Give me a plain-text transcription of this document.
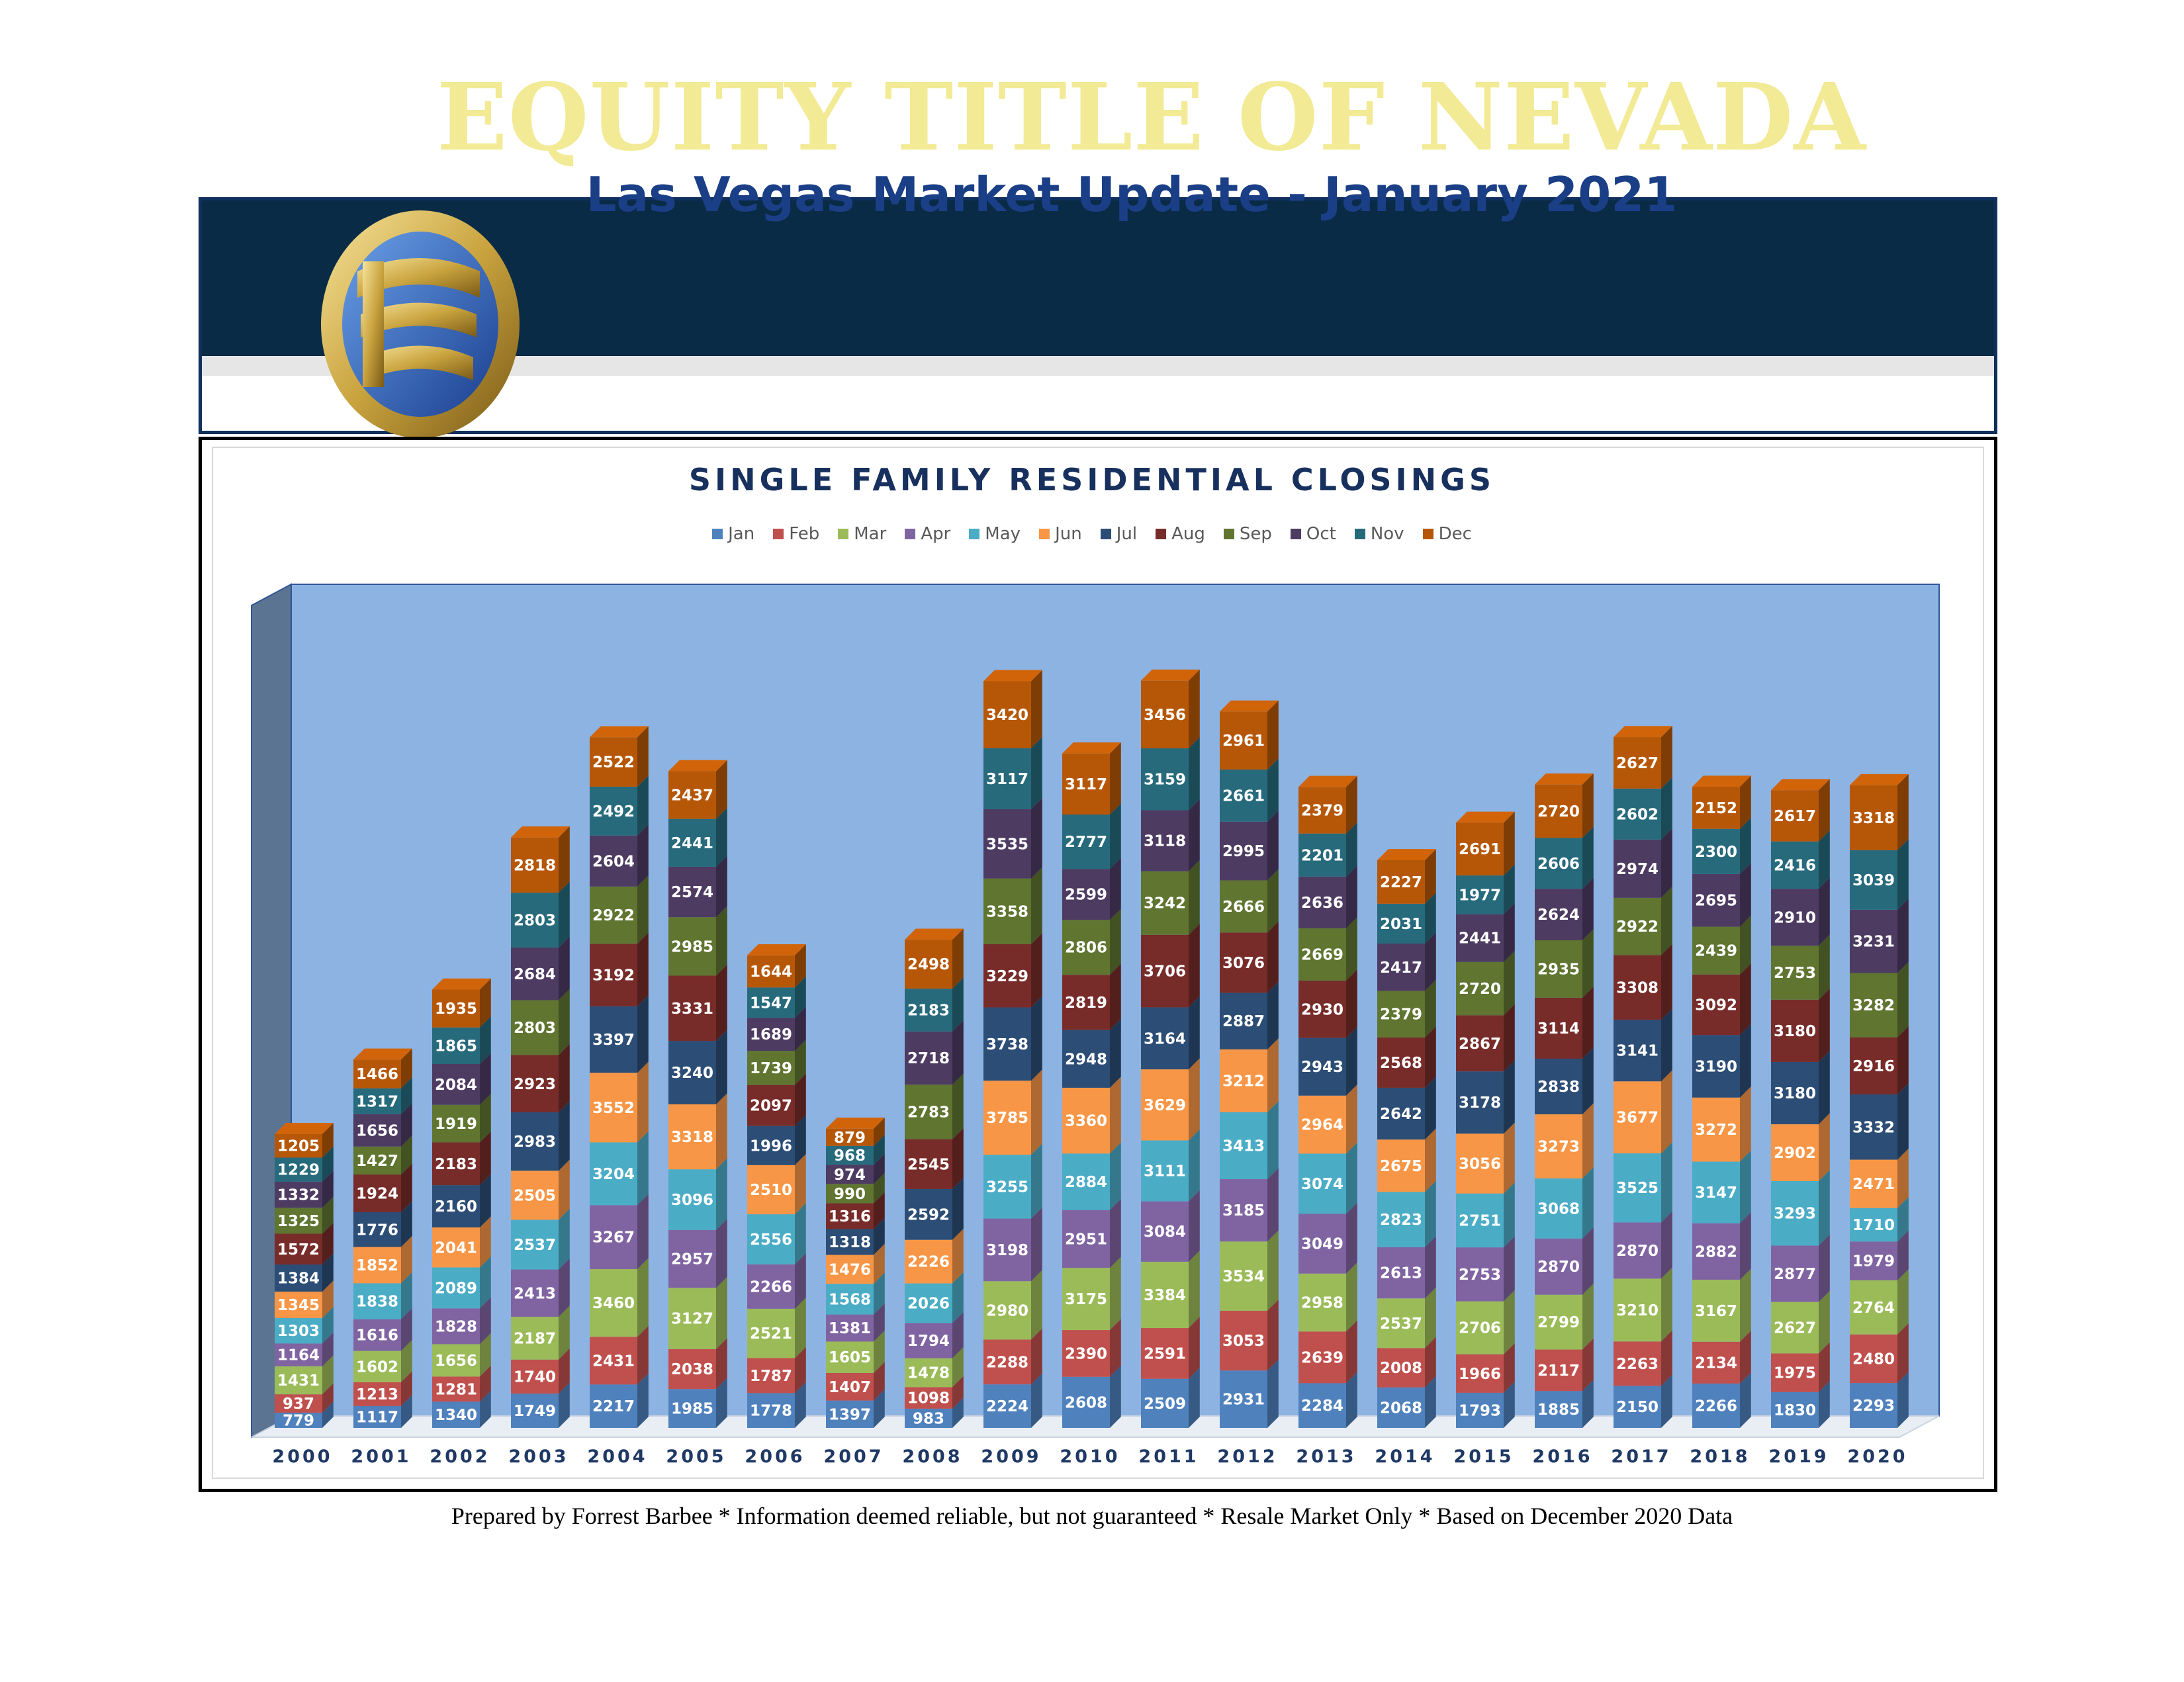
EQUITY TITLE OF NEVADA
Las Vegas Market Update - January 2021
SINGLE FAMILY RESIDENTIAL CLOSINGS
Jan Feb Mar Apr May Jun Jul Aug Sep Oct Nov Dec
779
937
1431
1164
1303
1345
1384
1572
1325
1332
1229
1205
2000
1117
1213
1602
1616
1838
1852
1776
1924
1427
1656
1317
1466
2001
1340
1281
1656
1828
2089
2041
2160
2183
1919
2084
1865
1935
2002
1749
1740
2187
2413
2537
2505
2983
2923
2803
2684
2803
2818
2003
2217
2431
3460
3267
3204
3552
3397
3192
2922
2604
2492
2522
2004
1985
2038
3127
2957
3096
3318
3240
3331
2985
2574
2441
2437
2005
1778
1787
2521
2266
2556
2510
1996
2097
1739
1689
1547
1644
2006
1397
1407
1605
1381
1568
1476
1318
1316
990
974
968
879
2007
983
1098
1478
1794
2026
2226
2592
2545
2783
2718
2183
2498
2008
2224
2288
2980
3198
3255
3785
3738
3229
3358
3535
3117
3420
2009
2608
2390
3175
2951
2884
3360
2948
2819
2806
2599
2777
3117
2010
2509
2591
3384
3084
3111
3629
3164
3706
3242
3118
3159
3456
2011
2931
3053
3534
3185
3413
3212
2887
3076
2666
2995
2661
2961
2012
2284
2639
2958
3049
3074
2964
2943
2930
2669
2636
2201
2379
2013
2068
2008
2537
2613
2823
2675
2642
2568
2379
2417
2031
2227
2014
1793
1966
2706
2753
2751
3056
3178
2867
2720
2441
1977
2691
2015
1885
2117
2799
2870
3068
3273
2838
3114
2935
2624
2606
2720
2016
2150
2263
3210
2870
3525
3677
3141
3308
2922
2974
2602
2627
2017
2266
2134
3167
2882
3147
3272
3190
3092
2439
2695
2300
2152
2018
1830
1975
2627
2877
3293
2902
3180
3180
2753
2910
2416
2617
2019
2293
2480
2764
1979
1710
2471
3332
2916
3282
3231
3039
3318
2020
Prepared by Forrest Barbee * Information deemed reliable, but not guaranteed * Resale Market Only * Based on December 2020 Data
